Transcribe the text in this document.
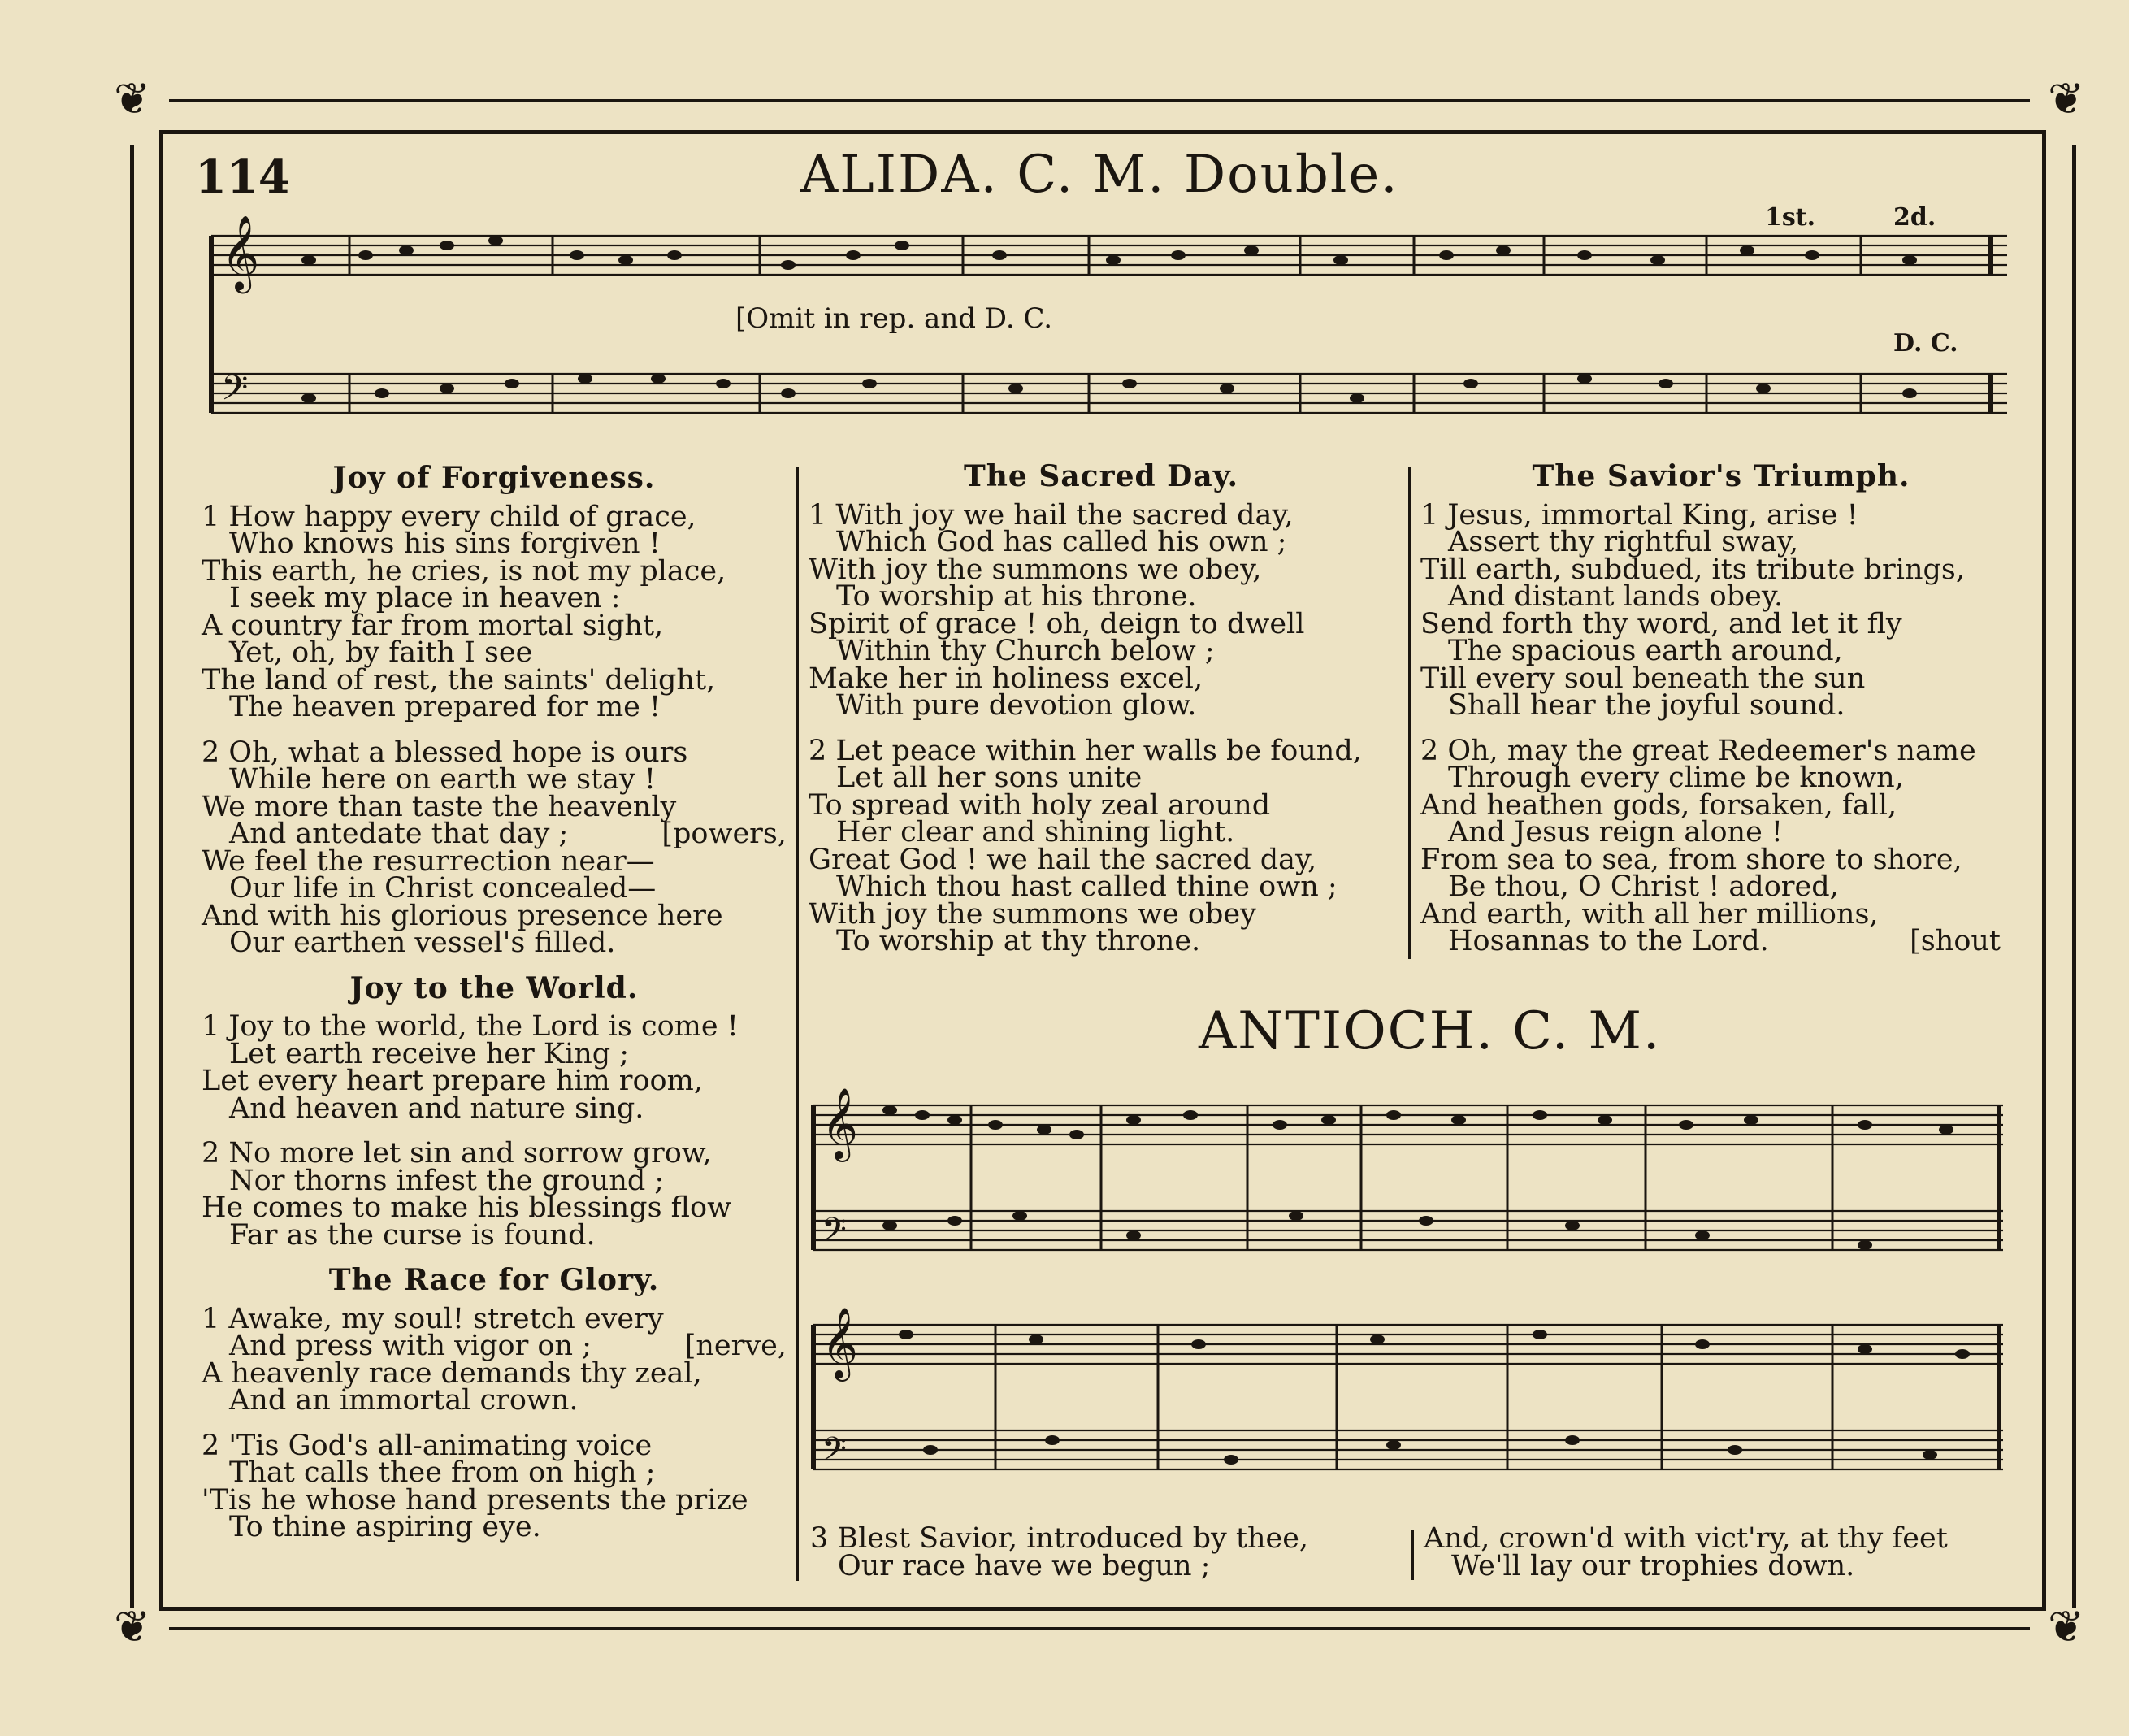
❦	❦
❦	❦
114	ALIDA. C. M. Double.
𝄞
𝄢
[Omit in rep. and D. C.
D. C.
1st.	2d.
Joy of Forgiveness.
1 How happy every child of grace,
Who knows his sins forgiven !
This earth, he cries, is not my place,
I seek my place in heaven :
A country far from mortal sight,
Yet, oh, by faith I see
The land of rest, the saints' delight,
The heaven prepared for me !
2 Oh, what a blessed hope is ours
While here on earth we stay !
We more than taste the heavenly
And antedate that day ;	[powers,
We feel the resurrection near—
Our life in Christ concealed—
And with his glorious presence here
Our earthen vessel's filled.
Joy to the World.
1 Joy to the world, the Lord is come !
Let earth receive her King ;
Let every heart prepare him room,
And heaven and nature sing.
2 No more let sin and sorrow grow,
Nor thorns infest the ground ;
He comes to make his blessings flow
Far as the curse is found.
The Race for Glory.
1 Awake, my soul! stretch every
And press with vigor on ;	[nerve,
A heavenly race demands thy zeal,
And an immortal crown.
2 'Tis God's all-animating voice
That calls thee from on high ;
'Tis he whose hand presents the prize
To thine aspiring eye.
The Sacred Day.
1 With joy we hail the sacred day,
Which God has called his own ;
With joy the summons we obey,
To worship at his throne.
Spirit of grace ! oh, deign to dwell
Within thy Church below ;
Make her in holiness excel,
With pure devotion glow.
2 Let peace within her walls be found,
Let all her sons unite
To spread with holy zeal around
Her clear and shining light.
Great God ! we hail the sacred day,
Which thou hast called thine own ;
With joy the summons we obey
To worship at thy throne.
The Savior's Triumph.
1 Jesus, immortal King, arise !
Assert thy rightful sway,
Till earth, subdued, its tribute brings,
And distant lands obey.
Send forth thy word, and let it fly
The spacious earth around,
Till every soul beneath the sun
Shall hear the joyful sound.
2 Oh, may the great Redeemer's name
Through every clime be known,
And heathen gods, forsaken, fall,
And Jesus reign alone !
From sea to sea, from shore to shore,
Be thou, O Christ ! adored,
And earth, with all her millions,
Hosannas to the Lord.	[shout
ANTIOCH. C. M.
𝄞
𝄢
𝄞
𝄢
3 Blest Savior, introduced by thee,
Our race have we begun ;
And, crown'd with vict'ry, at thy feet
We'll lay our trophies down.
